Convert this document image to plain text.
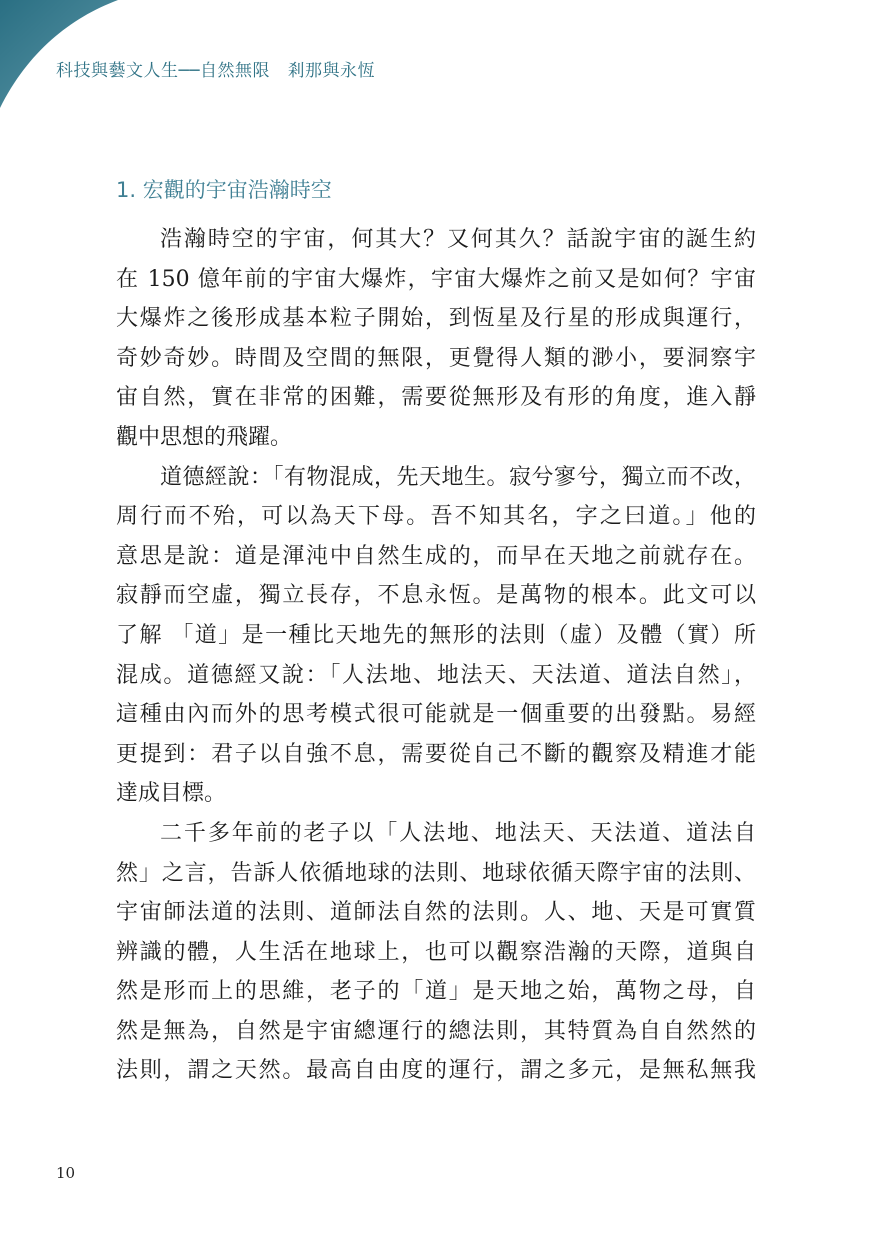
科技與藝文人生──自然無限　剎那與永恆
1. 宏觀的宇宙浩瀚時空
浩瀚時空的宇宙，何其大？又何其久？話說宇宙的誕生約
在 150 億年前的宇宙大爆炸，宇宙大爆炸之前又是如何？宇宙
大爆炸之後形成基本粒子開始，到恆星及行星的形成與運行，
奇妙奇妙。時間及空間的無限，更覺得人類的渺小，要洞察宇
宙自然，實在非常的困難，需要從無形及有形的角度，進入靜
觀中思想的飛躍。
道德經說：「有物混成，先天地生。寂兮寥兮，獨立而不改，
周行而不殆，可以為天下母。吾不知其名，字之曰道。」他的
意思是說：道是渾沌中自然生成的，而早在天地之前就存在。
寂靜而空虛，獨立長存，不息永恆。是萬物的根本。此文可以
了解 「道」是一種比天地先的無形的法則（虛）及體（實）所
混成。道德經又說：「人法地、地法天、天法道、道法自然」，
這種由內而外的思考模式很可能就是一個重要的出發點。易經
更提到：君子以自強不息，需要從自己不斷的觀察及精進才能
達成目標。
二千多年前的老子以「人法地、地法天、天法道、道法自
然」之言，告訴人依循地球的法則、地球依循天際宇宙的法則、
宇宙師法道的法則、道師法自然的法則。人、地、天是可實質
辨識的體，人生活在地球上，也可以觀察浩瀚的天際，道與自
然是形而上的思維，老子的「道」是天地之始，萬物之母，自
然是無為，自然是宇宙總運行的總法則，其特質為自自然然的
法則，謂之天然。最高自由度的運行，謂之多元，是無私無我
10
